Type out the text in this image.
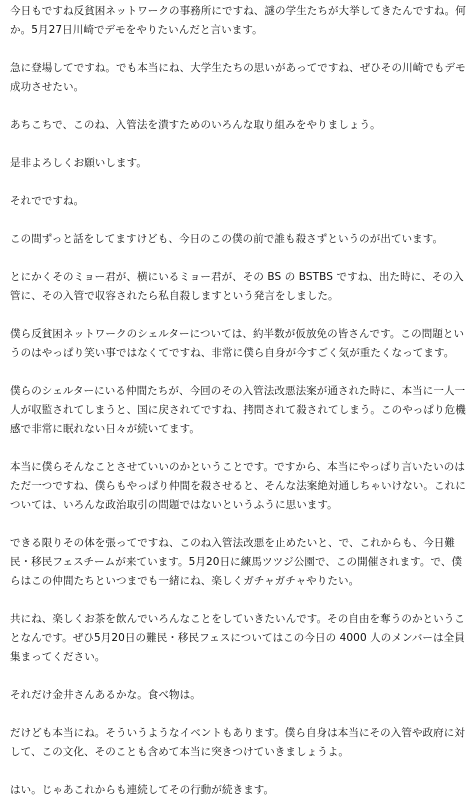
今日もですね反貧困ネットワークの事務所にですね、謎の学生たちが大挙してきたんですね。何か。5月27日川崎でデモをやりたいんだと言います。

急に登場してですね。でも本当にね、大学生たちの思いがあってですね、ぜひその川崎でもデモ成功させたい。

あちこちで、このね、入管法を潰すためのいろんな取り組みをやりましょう。

是非よろしくお願いします。

それでですね。

この間ずっと話をしてますけども、今日のこの僕の前で誰も殺さずというのが出ています。

とにかくそのミョー君が、横にいるミョー君が、その BS の BSTBS ですね、出た時に、その入管に、その入管で収容されたら私自殺しますという発言をしました。

僕ら反貧困ネットワークのシェルターについては、約半数が仮放免の皆さんです。この問題というのはやっぱり笑い事ではなくてですね、非常に僕ら自身が今すごく気が重たくなってます。

僕らのシェルターにいる仲間たちが、今回のその入管法改悪法案が通された時に、本当に一人一人が収監されてしまうと、国に戻されてですね、拷問されて殺されてしまう。このやっぱり危機感で非常に眠れない日々が続いてます。

本当に僕らそんなことさせていいのかということです。ですから、本当にやっぱり言いたいのはただ一つですね、僕らもやっぱり仲間を殺させると、そんな法案絶対通しちゃいけない。これについては、いろんな政治取引の問題ではないというふうに思います。

できる限りその体を張ってですね、このね入管法改悪を止めたいと、で、これからも、今日難民・移民フェスチームが来ています。5月20日に練馬ツツジ公園で、この開催されます。で、僕らはこの仲間たちといつまでも一緒にね、楽しくガチャガチャやりたい。

共にね、楽しくお茶を飲んでいろんなことをしていきたいんです。その自由を奪うのかということなんです。ぜひ5月20日の難民・移民フェスについてはこの今日の 4000 人のメンバーは全員集まってください。

それだけ金井さんあるかな。食べ物は。

だけども本当にね。そういうようなイベントもあります。僕ら自身は本当にその入管や政府に対して、この文化、そのことも含めて本当に突きつけていきましょうよ。

はい。じゃあこれからも連続してその行動が続きます。
